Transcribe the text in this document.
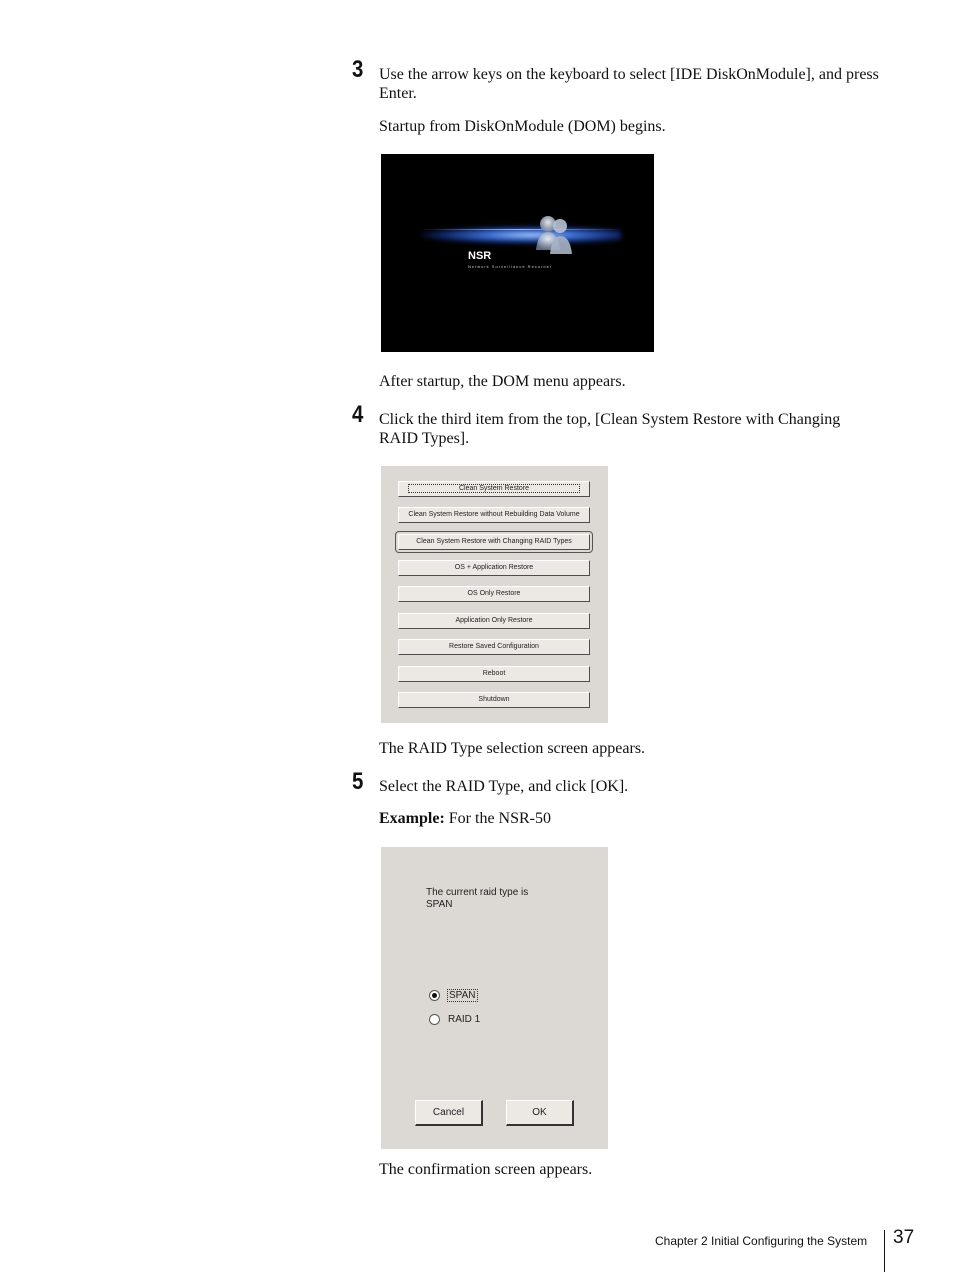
3 Use the arrow keys on the keyboard to select [IDE DiskOnModule], and press Enter.
Startup from DiskOnModule (DOM) begins.
NSR
Network Surveillance Recorder
After startup, the DOM menu appears.
4 Click the third item from the top, [Clean System Restore with Changing RAID Types].
Clean System Restore
Clean System Restore without Rebuilding Data Volume
Clean System Restore with Changing RAID Types
OS + Application Restore
OS Only Restore
Application Only Restore
Restore Saved Configuration
Reboot
Shutdown
The RAID Type selection screen appears.
5 Select the RAID Type, and click [OK].
Example: For the NSR-50
The current raid type is
SPAN
SPAN
RAID 1
Cancel	OK
The confirmation screen appears.
Chapter 2 Initial Configuring the System 37
